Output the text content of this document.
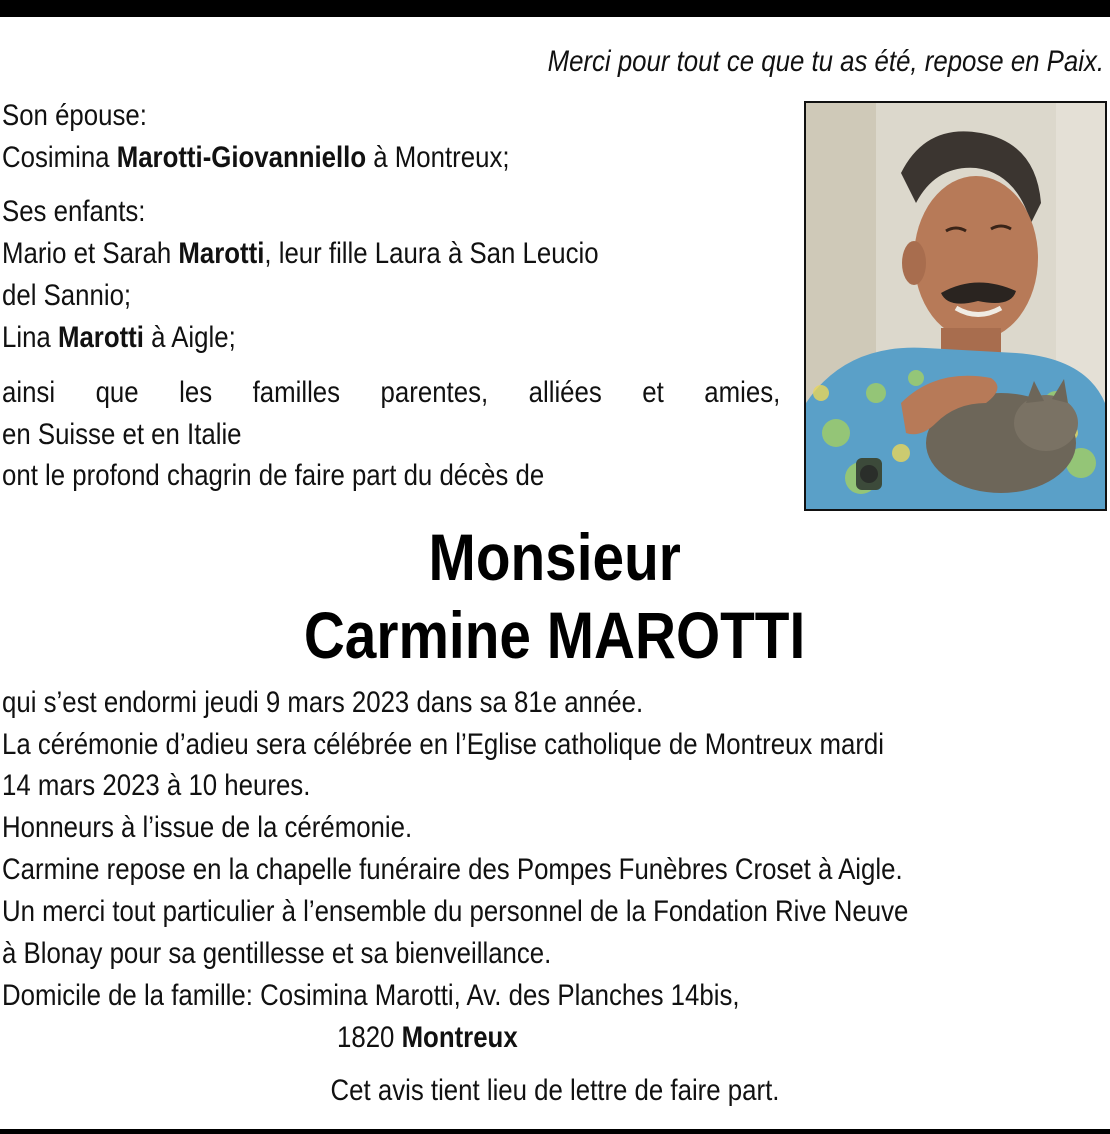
Merci pour tout ce que tu as été, repose en Paix.
Son épouse:
Cosimina Marotti-Giovanniello à Montreux;
Ses enfants:
Mario et Sarah Marotti, leur fille Laura à San Leucio
del Sannio;
Lina Marotti à Aigle;
ainsi que les familles parentes, alliées et amies,
en Suisse et en Italie
ont le profond chagrin de faire part du décès de
Monsieur
Carmine MAROTTI
qui s’est endormi jeudi 9 mars 2023 dans sa 81e année.
La cérémonie d’adieu sera célébrée en l’Eglise catholique de Montreux mardi
14 mars 2023 à 10 heures.
Honneurs à l’issue de la cérémonie.
Carmine repose en la chapelle funéraire des Pompes Funèbres Croset à Aigle.
Un merci tout particulier à l’ensemble du personnel de la Fondation Rive Neuve
à Blonay pour sa gentillesse et sa bienveillance.
Domicile de la famille: Cosimina Marotti, Av. des Planches 14bis,
1820 Montreux
Cet avis tient lieu de lettre de faire part.
